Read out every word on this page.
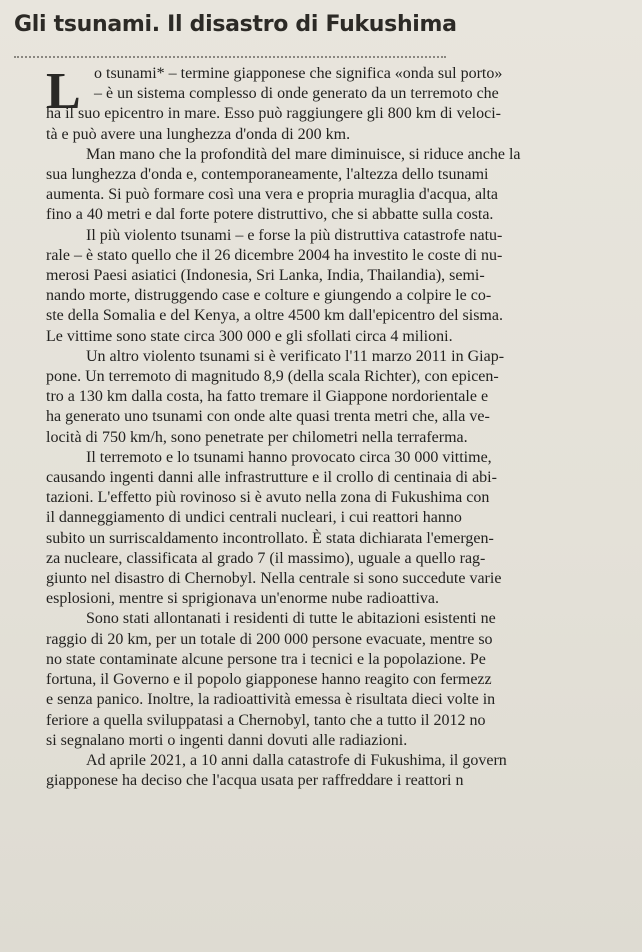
Gli tsunami. Il disastro di Fukushima
L o tsunami* – termine giapponese che significa «onda sul porto»
– è un sistema complesso di onde generato da un terremoto che
ha il suo epicentro in mare. Esso può raggiungere gli 800 km di veloci-
tà e può avere una lunghezza d'onda di 200 km.
Man mano che la profondità del mare diminuisce, si riduce anche la
sua lunghezza d'onda e, contemporaneamente, l'altezza dello tsunami
aumenta. Si può formare così una vera e propria muraglia d'acqua, alta
fino a 40 metri e dal forte potere distruttivo, che si abbatte sulla costa.
Il più violento tsunami – e forse la più distruttiva catastrofe natu-
rale – è stato quello che il 26 dicembre 2004 ha investito le coste di nu-
merosi Paesi asiatici (Indonesia, Sri Lanka, India, Thailandia), semi-
nando morte, distruggendo case e colture e giungendo a colpire le co-
ste della Somalia e del Kenya, a oltre 4500 km dall'epicentro del sisma.
Le vittime sono state circa 300 000 e gli sfollati circa 4 milioni.
Un altro violento tsunami si è verificato l'11 marzo 2011 in Giap-
pone. Un terremoto di magnitudo 8,9 (della scala Richter), con epicen-
tro a 130 km dalla costa, ha fatto tremare il Giappone nordorientale e
ha generato uno tsunami con onde alte quasi trenta metri che, alla ve-
locità di 750 km/h, sono penetrate per chilometri nella terraferma.
Il terremoto e lo tsunami hanno provocato circa 30 000 vittime,
causando ingenti danni alle infrastrutture e il crollo di centinaia di abi-
tazioni. L'effetto più rovinoso si è avuto nella zona di Fukushima con
il danneggiamento di undici centrali nucleari, i cui reattori hanno
subito un surriscaldamento incontrollato. È stata dichiarata l'emergen-
za nucleare, classificata al grado 7 (il massimo), uguale a quello rag-
giunto nel disastro di Chernobyl. Nella centrale si sono succedute varie
esplosioni, mentre si sprigionava un'enorme nube radioattiva.
Sono stati allontanati i residenti di tutte le abitazioni esistenti ne
raggio di 20 km, per un totale di 200 000 persone evacuate, mentre so
no state contaminate alcune persone tra i tecnici e la popolazione. Pe
fortuna, il Governo e il popolo giapponese hanno reagito con fermezz
e senza panico. Inoltre, la radioattività emessa è risultata dieci volte in
feriore a quella sviluppatasi a Chernobyl, tanto che a tutto il 2012 no
si segnalano morti o ingenti danni dovuti alle radiazioni.
Ad aprile 2021, a 10 anni dalla catastrofe di Fukushima, il govern
giapponese ha deciso che l'acqua usata per raffreddare i reattori n
